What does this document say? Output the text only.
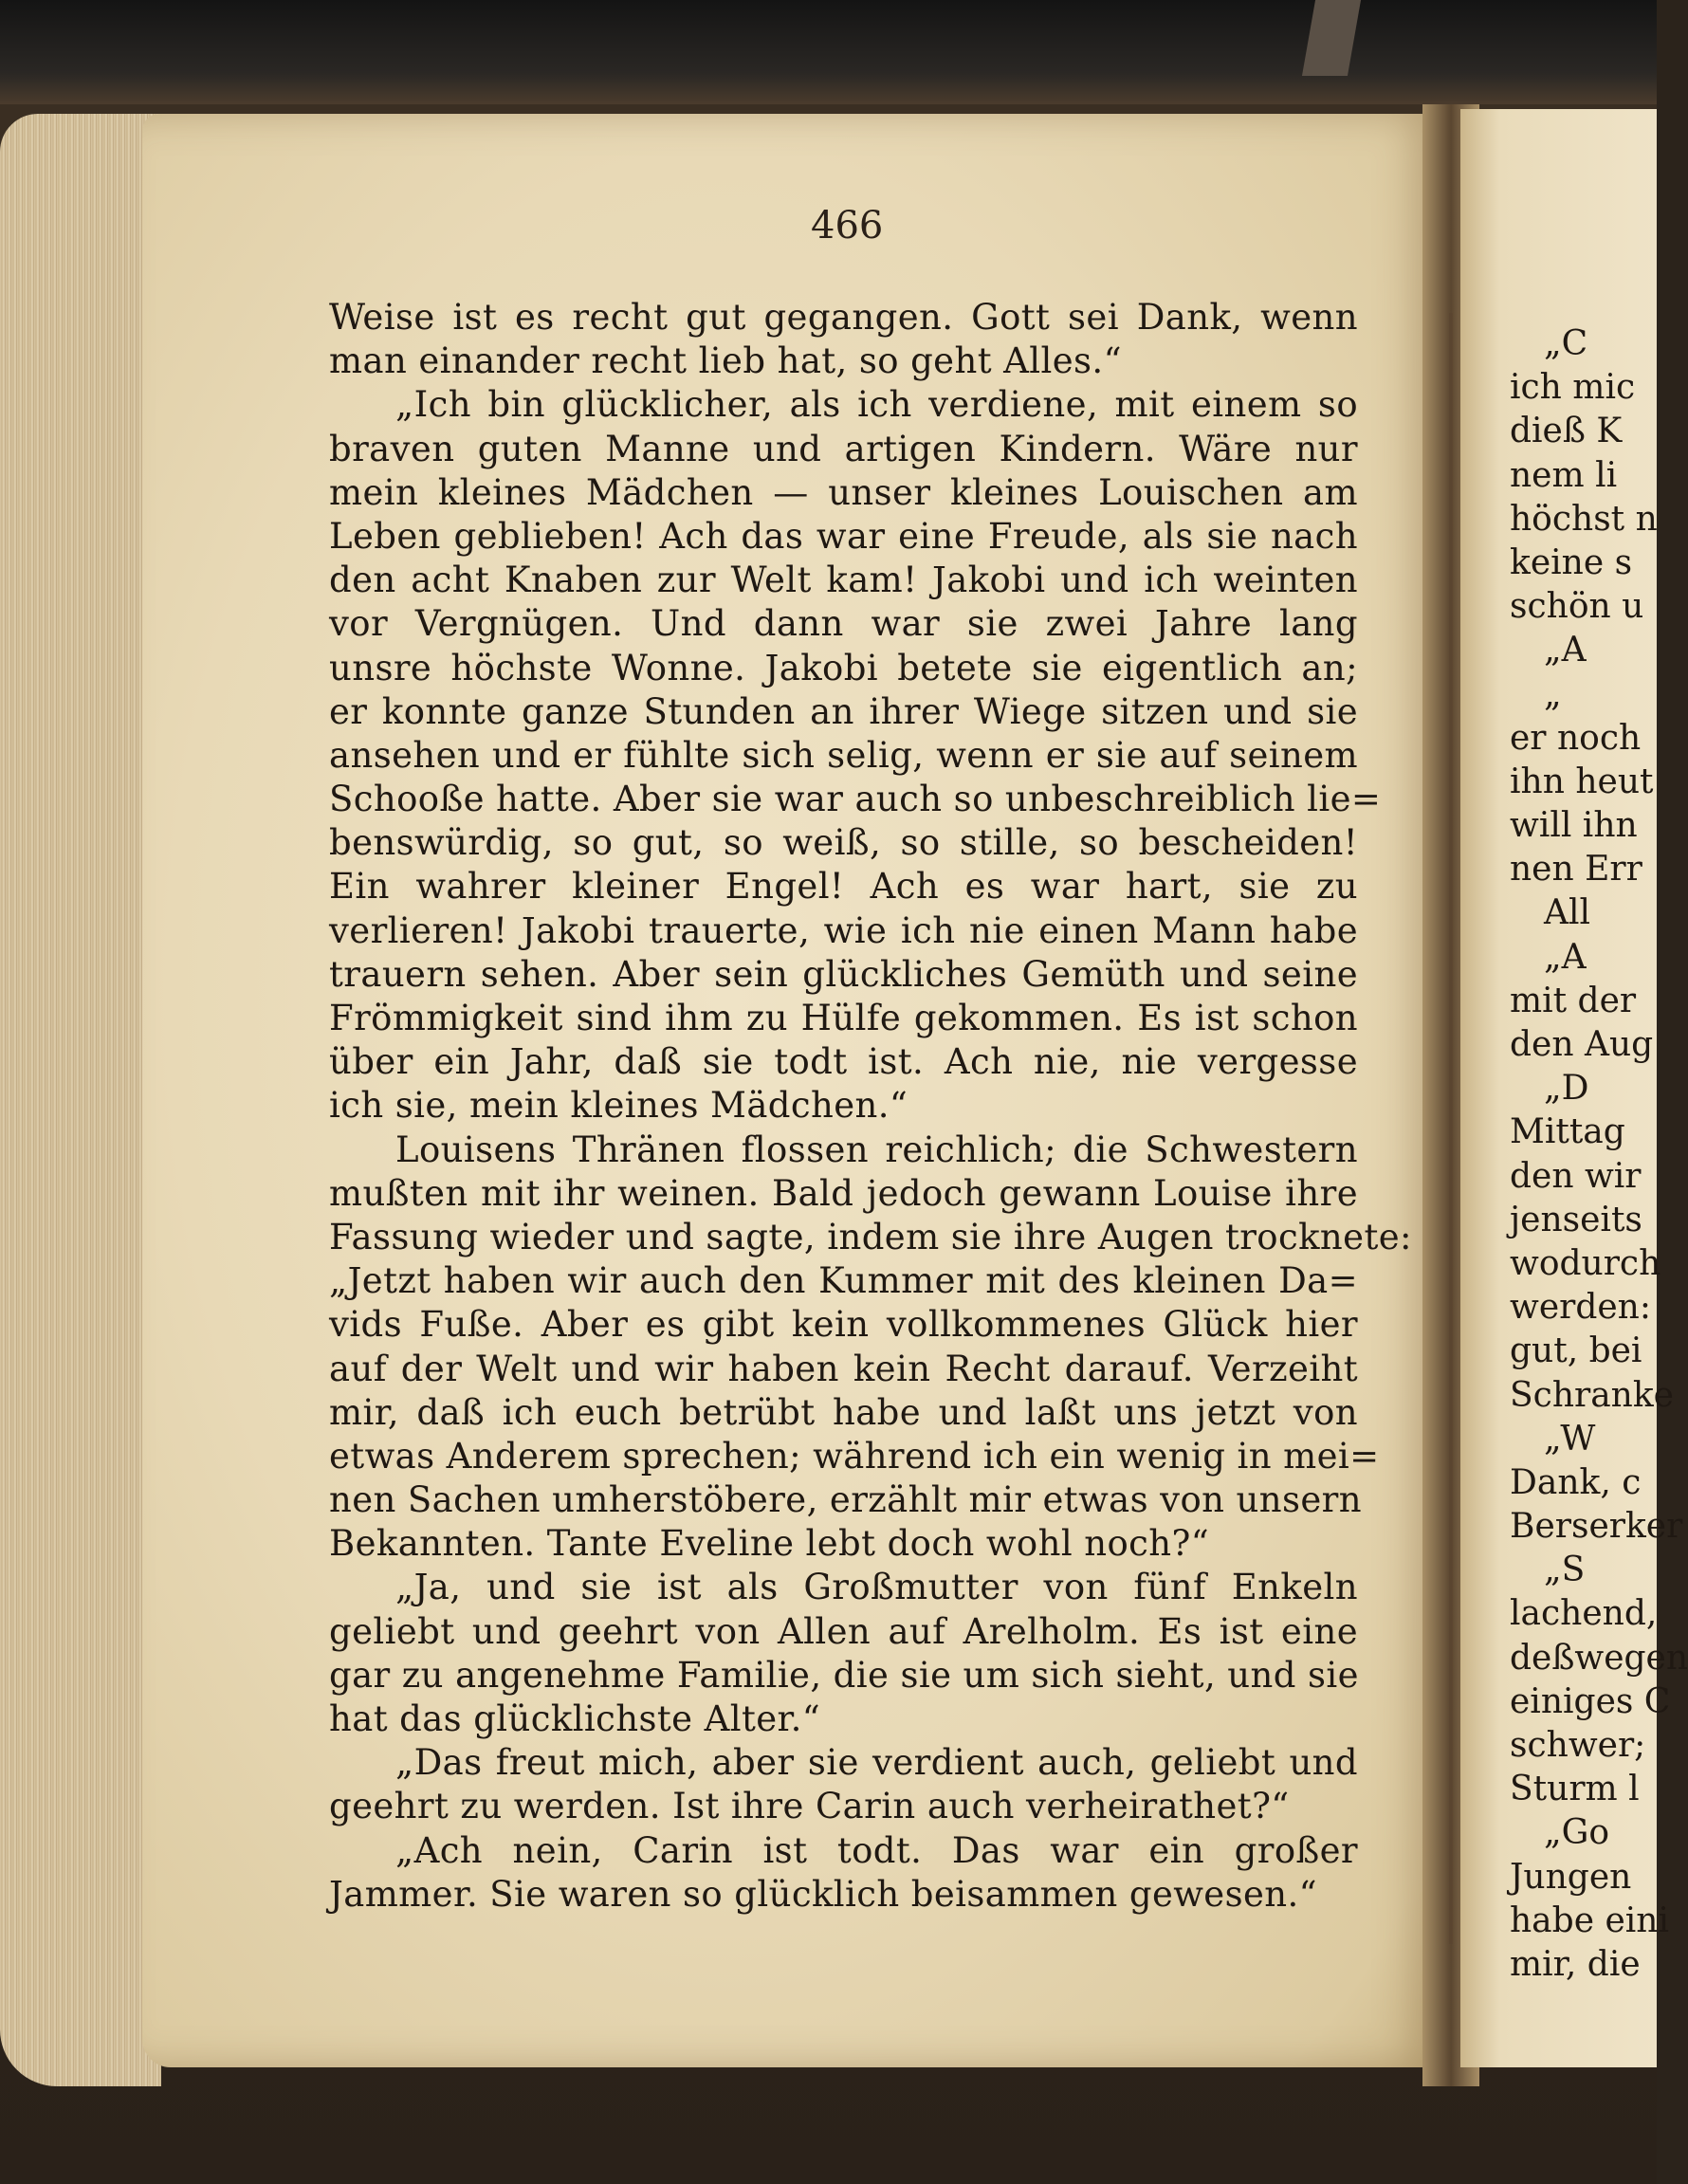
466
Weise ist es recht gut gegangen. Gott sei Dank, wenn
man einander recht lieb hat, so geht Alles.“
„Ich bin glücklicher, als ich verdiene, mit einem so
braven guten Manne und artigen Kindern. Wäre nur
mein kleines Mädchen — unser kleines Louischen am
Leben geblieben! Ach das war eine Freude, als sie nach
den acht Knaben zur Welt kam! Jakobi und ich weinten
vor Vergnügen. Und dann war sie zwei Jahre lang
unsre höchste Wonne. Jakobi betete sie eigentlich an;
er konnte ganze Stunden an ihrer Wiege sitzen und sie
ansehen und er fühlte sich selig, wenn er sie auf seinem
Schooße hatte. Aber sie war auch so unbeschreiblich lie=
benswürdig, so gut, so weiß, so stille, so bescheiden!
Ein wahrer kleiner Engel! Ach es war hart, sie zu
verlieren! Jakobi trauerte, wie ich nie einen Mann habe
trauern sehen. Aber sein glückliches Gemüth und seine
Frömmigkeit sind ihm zu Hülfe gekommen. Es ist schon
über ein Jahr, daß sie todt ist. Ach nie, nie vergesse
ich sie, mein kleines Mädchen.“
Louisens Thränen flossen reichlich; die Schwestern
mußten mit ihr weinen. Bald jedoch gewann Louise ihre
Fassung wieder und sagte, indem sie ihre Augen trocknete:
„Jetzt haben wir auch den Kummer mit des kleinen Da=
vids Fuße. Aber es gibt kein vollkommenes Glück hier
auf der Welt und wir haben kein Recht darauf. Verzeiht
mir, daß ich euch betrübt habe und laßt uns jetzt von
etwas Anderem sprechen; während ich ein wenig in mei=
nen Sachen umherstöbere, erzählt mir etwas von unsern
Bekannten. Tante Eveline lebt doch wohl noch?“
„Ja, und sie ist als Großmutter von fünf Enkeln
geliebt und geehrt von Allen auf Arelholm. Es ist eine
gar zu angenehme Familie, die sie um sich sieht, und sie
hat das glücklichste Alter.“
„Das freut mich, aber sie verdient auch, geliebt und
geehrt zu werden. Ist ihre Carin auch verheirathet?“
„Ach nein, Carin ist todt. Das war ein großer
Jammer. Sie waren so glücklich beisammen gewesen.“
„C
ich mic
dieß K
nem li
höchst n
keine s
schön u
„A
„
er noch
ihn heut
will ihn
nen Err
All
„A
mit der
den Aug
„D
Mittag
den wir
jenseits
wodurch
werden:
gut, bei
Schranke
„W
Dank, c
Berserker
„S
lachend,
deßwegen
einiges C
schwer;
Sturm l
„Go
Jungen
habe eini
mir, die
